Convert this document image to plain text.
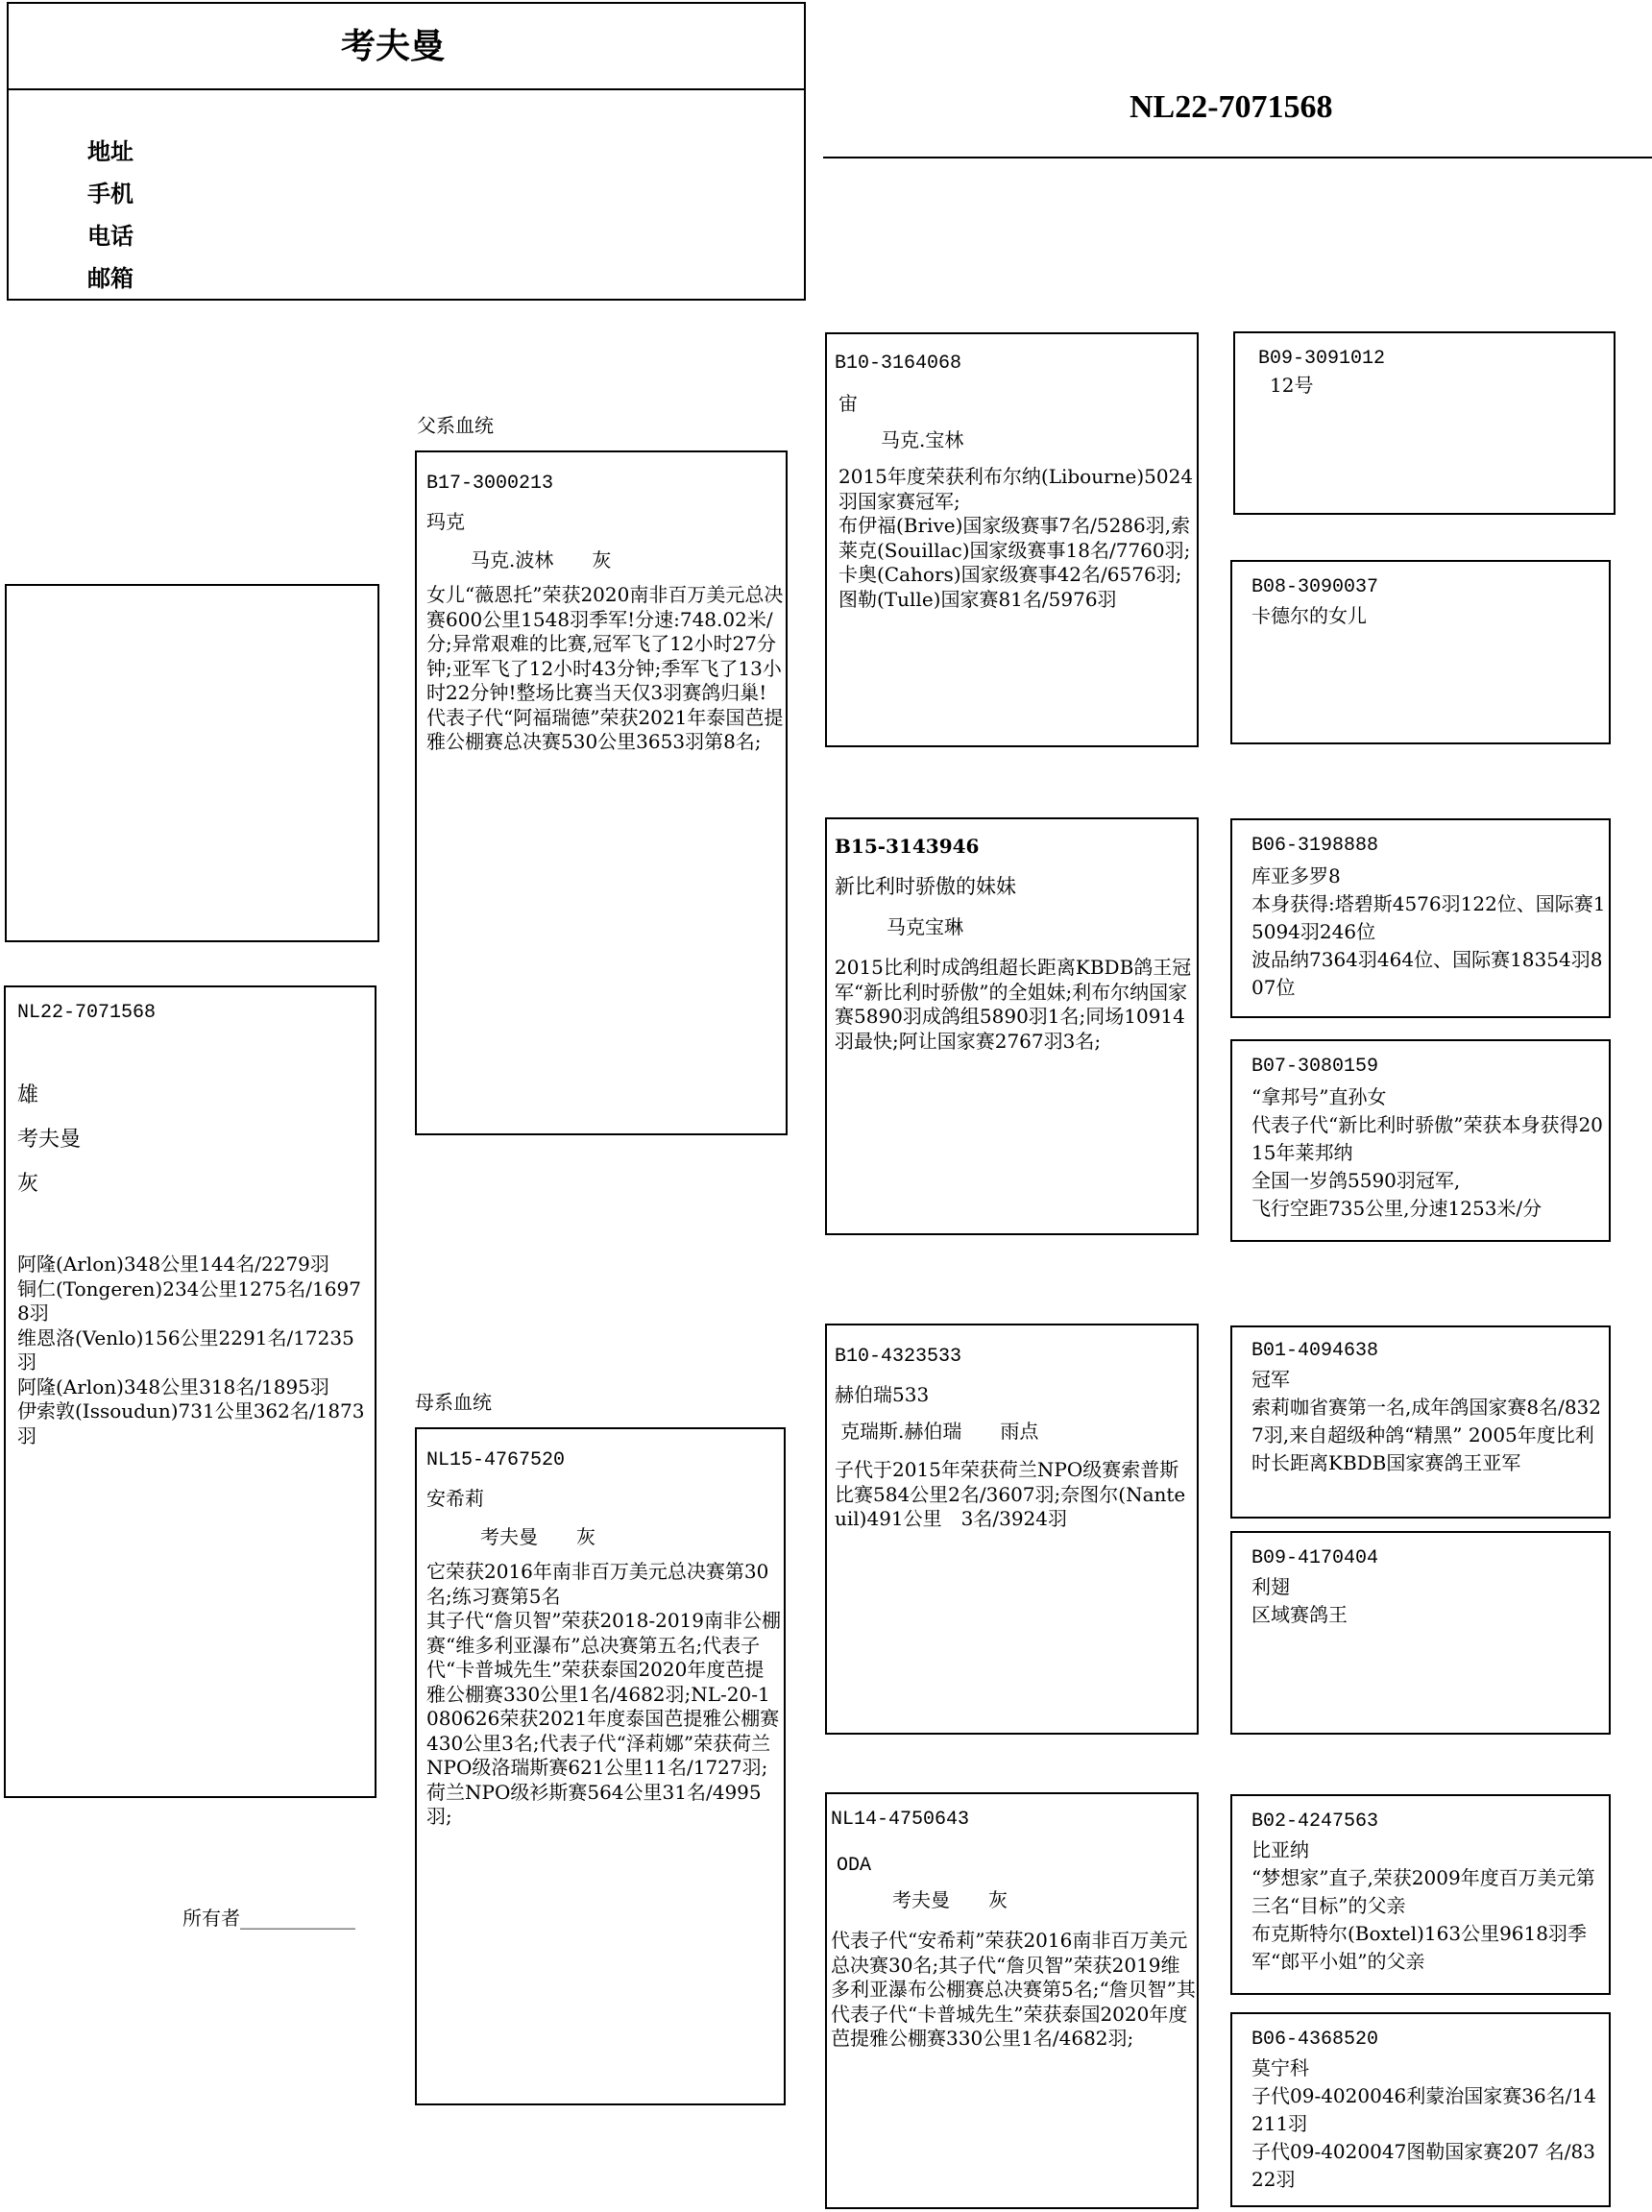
考夫曼
地址
手机
电话
邮箱
NL22-7071568
NL22-7071568
雄
考夫曼
灰
阿隆(Arlon)348公里144名/2279羽
铜仁(Tongeren)234公里1275名/16978羽
维恩洛(Venlo)156公里2291名/17235羽
阿隆(Arlon)348公里318名/1895羽
伊索敦(Issoudun)731公里362名/1873羽
所有者____________
父系血统
母系血统
B17-3000213
玛克
马克.波林　　灰
女儿“薇恩托”荣获2020南非百万美元总决赛600公里1548羽季军!分速:748.02米/分;异常艰难的比赛,冠军飞了12小时27分钟;亚军飞了12小时43分钟;季军飞了13小时22分钟!整场比赛当天仅3羽赛鸽归巢!
代表子代“阿福瑞德”荣获2021年泰国芭提雅公棚赛总决赛530公里3653羽第8名;
NL15-4767520
安希莉
考夫曼　　灰
它荣获2016年南非百万美元总决赛第30名;练习赛第5名
其子代“詹贝智”荣获2018-2019南非公棚赛“维多利亚瀑布”总决赛第五名;代表子代“卡普城先生”荣获泰国2020年度芭提雅公棚赛330公里1名/4682羽;NL-20-1080626荣获2021年度泰国芭提雅公棚赛430公里3名;代表子代“泽莉娜”荣获荷兰NPO级洛瑞斯赛621公里11名/1727羽;荷兰NPO级衫斯赛564公里31名/4995羽;
B10-3164068
宙
马克.宝林
2015年度荣获利布尔纳(Libourne)5024羽国家赛冠军;
布伊福(Brive)国家级赛事7名/5286羽,索莱克(Souillac)国家级赛事18名/7760羽;卡奥(Cahors)国家级赛事42名/6576羽;图勒(Tulle)国家赛81名/5976羽
B15-3143946
新比利时骄傲的妹妹
马克宝琳
2015比利时成鸽组超长距离KBDB鸽王冠军“新比利时骄傲”的全姐妹;利布尔纳国家赛5890羽成鸽组5890羽1名;同场10914羽最快;阿让国家赛2767羽3名;
B10-4323533
赫伯瑞533
克瑞斯.赫伯瑞　　雨点
子代于2015年荣获荷兰NPO级赛索普斯比赛584公里2名/3607羽;奈图尔(Nanteuil)491公里　3名/3924羽
NL14-4750643
ODA
考夫曼　　灰
代表子代“安希莉”荣获2016南非百万美元总决赛30名;其子代“詹贝智”荣获2019维多利亚瀑布公棚赛总决赛第5名;“詹贝智”其代表子代“卡普城先生”荣获泰国2020年度芭提雅公棚赛330公里1名/4682羽;
B09-3091012
12号
B08-3090037
卡德尔的女儿
B06-3198888
库亚多罗8
本身获得:塔碧斯4576羽122位、国际赛15094羽246位
波品纳7364羽464位、国际赛18354羽807位
B07-3080159
“拿邦号”直孙女
代表子代“新比利时骄傲”荣获本身获得2015年莱邦纳
全国一岁鸽5590羽冠军,
飞行空距735公里,分速1253米/分
B01-4094638
冠军
索莉咖省赛第一名,成年鸽国家赛8名/8327羽,来自超级种鸽“精黑” 2005年度比利时长距离KBDB国家赛鸽王亚军
B09-4170404
利翅
区域赛鸽王
B02-4247563
比亚纳
“梦想家”直子,荣获2009年度百万美元第三名“目标”的父亲
布克斯特尔(Boxtel)163公里9618羽季军“郎平小姐”的父亲
B06-4368520
莫宁科
子代09-4020046利蒙治国家赛36名/14211羽
子代09-4020047图勒国家赛207 名/8322羽
